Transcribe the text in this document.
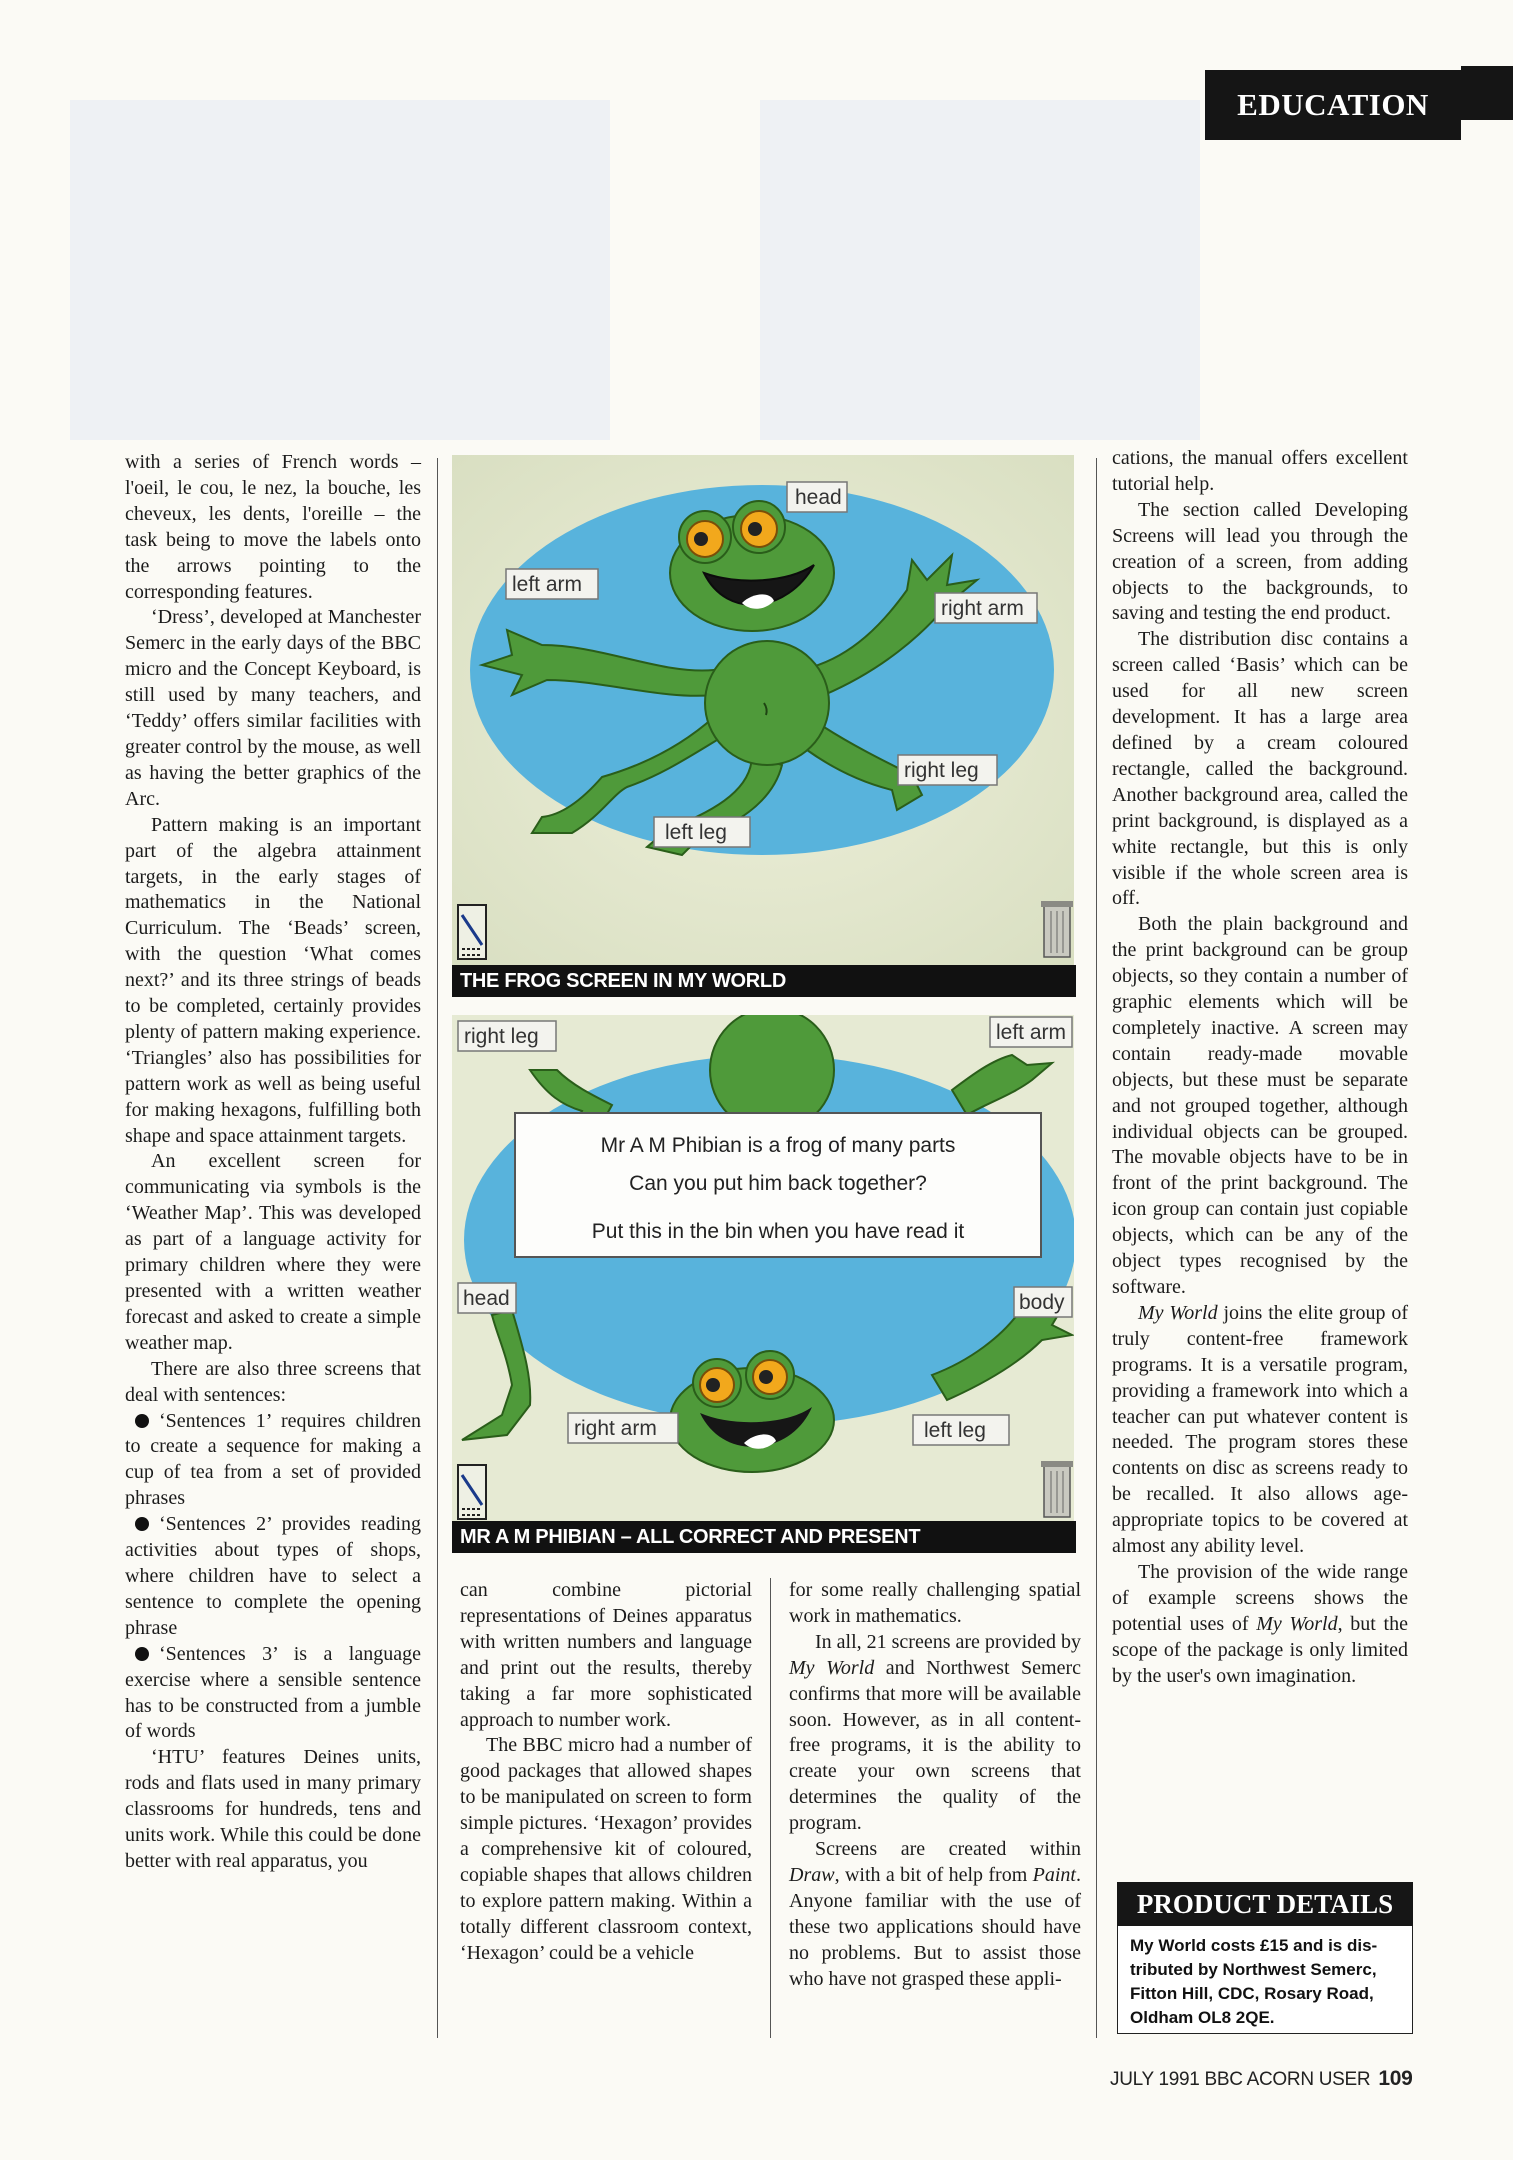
EDUCATION

with a series of French words – l'oeil, le cou, le nez, la bouche, les cheveux, les dents, l'oreille – the task being to move the labels onto the arrows pointing to the corresponding features.

‘Dress’, developed at Manchester Semerc in the early days of the BBC micro and the Concept Keyboard, is still used by many teachers, and ‘Teddy’ offers similar facilities with greater control by the mouse, as well as having the better graphics of the Arc.

Pattern making is an important part of the algebra attainment targets, in the early stages of mathematics in the National Curriculum. The ‘Beads’ screen, with the question ‘What comes next?’ and its three strings of beads to be completed, certainly provides plenty of pattern making experience. ‘Triangles’ also has possibilities for pattern work as well as being useful for making hexagons, fulfilling both shape and space attainment targets.

An excellent screen for communicating via symbols is the ‘Weather Map’. This was developed as part of a language activity for primary children where they were presented with a written weather forecast and asked to create a simple weather map.

There are also three screens that deal with sentences:

‘Sentences 1’ requires children to create a sequence for making a cup of tea from a set of provided phrases

‘Sentences 2’ provides reading activities about types of shops, where children have to select a sentence to complete the opening phrase

‘Sentences 3’ is a language exercise where a sensible sentence has to be constructed from a jumble of words

‘HTU’ features Deines units, rods and flats used in many primary classrooms for hundreds, tens and units work. While this could be done better with real apparatus, you

head
left arm
right arm
right leg
left leg
THE FROG SCREEN IN MY WORLD
right leg	left arm
head	body
right arm	left leg
Mr A M Phibian is a frog of many parts
Can you put him back together?
Put this in the bin when you have read it
MR A M PHIBIAN – ALL CORRECT AND PRESENT

can combine pictorial representations of Deines apparatus with written numbers and language and print out the results, thereby taking a far more sophisticated approach to number work.

The BBC micro had a number of good packages that allowed shapes to be manipulated on screen to form simple pictures. ‘Hexagon’ provides a comprehensive kit of coloured, copiable shapes that allows children to explore pattern making. Within a totally different classroom context, ‘Hexagon’ could be a vehicle

for some really challenging spatial work in mathematics.

In all, 21 screens are provided by My World and Northwest Semerc confirms that more will be available soon. However, as in all content-free programs, it is the ability to create your own screens that determines the quality of the program.

Screens are created within Draw, with a bit of help from Paint. Anyone familiar with the use of these two applications should have no problems. But to assist those who have not grasped these appli-

cations, the manual offers excellent tutorial help.

The section called Developing Screens will lead you through the creation of a screen, from adding objects to the backgrounds, to saving and testing the end product.

The distribution disc contains a screen called ‘Basis’ which can be used for all new screen development. It has a large area defined by a cream coloured rectangle, called the background. Another background area, called the print background, is displayed as a white rectangle, but this is only visible if the whole screen area is off.

Both the plain background and the print background can be group objects, so they contain a number of graphic elements which will be completely inactive. A screen may contain ready-made movable objects, but these must be separate and not grouped together, although individual objects can be grouped. The movable objects have to be in front of the print background. The icon group can contain just copiable objects, which can be any of the object types recognised by the software.

My World joins the elite group of truly content-free framework programs. It is a versatile program, providing a framework into which a teacher can put whatever content is needed. The program stores these contents on disc as screens ready to be recalled. It also allows age-appropriate topics to be covered at almost any ability level.

The provision of the wide range of example screens shows the potential uses of My World, but the scope of the package is only limited by the user's own imagination.

PRODUCT DETAILS
My World costs £15 and is dis-
tributed by Northwest Semerc,
Fitton Hill, CDC, Rosary Road,
Oldham OL8 2QE.
JULY 1991 BBC ACORN USER 109
